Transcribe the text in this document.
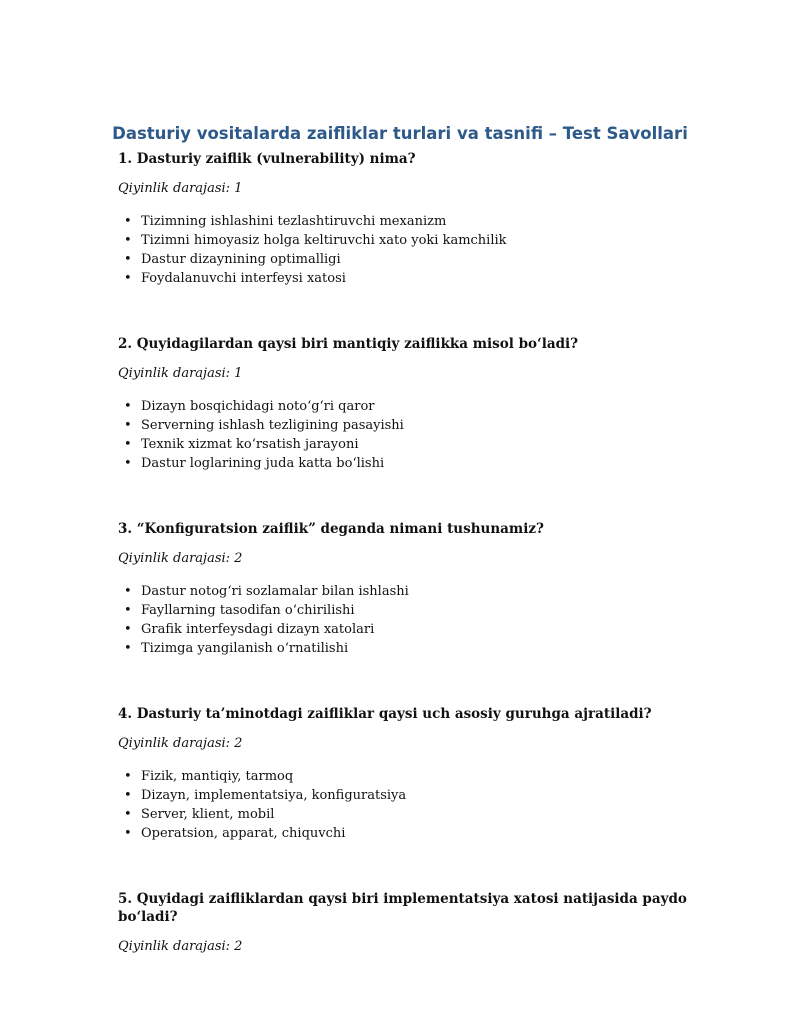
Dasturiy vositalarda zaifliklar turlari va tasnifi – Test Savollari
1. Dasturiy zaiflik (vulnerability) nima?
Qiyinlik darajasi: 1
• Tizimning ishlashini tezlashtiruvchi mexanizm
• Tizimni himoyasiz holga keltiruvchi xato yoki kamchilik
• Dastur dizaynining optimalligi
• Foydalanuvchi interfeysi xatosi
2. Quyidagilardan qaysi biri mantiqiy zaiflikka misol bo‘ladi?
Qiyinlik darajasi: 1
• Dizayn bosqichidagi noto‘g‘ri qaror
• Serverning ishlash tezligining pasayishi
• Texnik xizmat ko‘rsatish jarayoni
• Dastur loglarining juda katta bo‘lishi
3. “Konfiguratsion zaiflik” deganda nimani tushunamiz?
Qiyinlik darajasi: 2
• Dastur notog‘ri sozlamalar bilan ishlashi
• Fayllarning tasodifan o‘chirilishi
• Grafik interfeysdagi dizayn xatolari
• Tizimga yangilanish o‘rnatilishi
4. Dasturiy ta’minotdagi zaifliklar qaysi uch asosiy guruhga ajratiladi?
Qiyinlik darajasi: 2
• Fizik, mantiqiy, tarmoq
• Dizayn, implementatsiya, konfiguratsiya
• Server, klient, mobil
• Operatsion, apparat, chiquvchi
5. Quyidagi zaifliklardan qaysi biri implementatsiya xatosi natijasida paydo bo‘ladi?
Qiyinlik darajasi: 2
